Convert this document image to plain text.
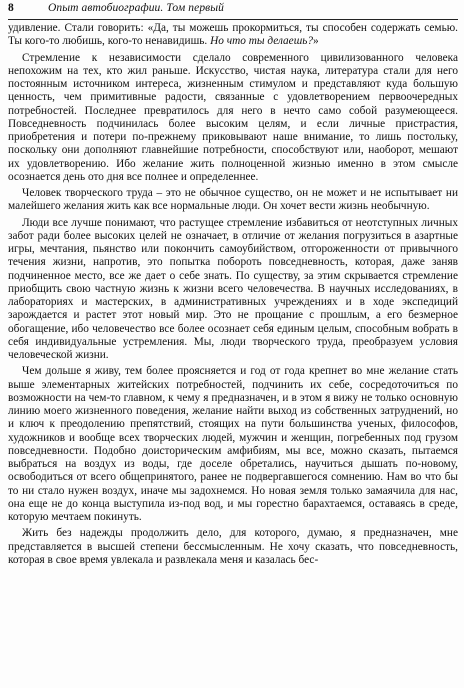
8	Опыт автобиографии. Том первый

удивление. Стали говорить: «Да, ты можешь прокормиться, ты способен содержать семью. Ты кого-то любишь, кого-то ненавидишь. Но что ты делаешь?»

Стремление к независимости сделало современного цивилизованного человека непохожим на тех, кто жил раньше. Искусство, чистая наука, литература стали для него постоянным источником интереса, жизненным стимулом и представляют куда большую ценность, чем примитивные радости, связанные с удовлетворением первоочередных потребностей. Последнее превратилось для него в нечто само собой разумеющееся. Повседневность подчинилась более высоким целям, и если личные пристрастия, приобретения и потери по-прежнему приковывают наше внимание, то лишь постольку, поскольку они дополняют главнейшие потребности, способствуют или, наоборот, мешают их удовлетворению. Ибо желание жить полноценной жизнью именно в этом смысле осознается день ото дня все полнее и определеннее.

Человек творческого труда – это не обычное существо, он не может и не испытывает ни малейшего желания жить как все нормальные люди. Он хочет вести жизнь необычную.

Люди все лучше понимают, что растущее стремление избавиться от неотступных личных забот ради более высоких целей не означает, в отличие от желания погрузиться в азартные игры, мечтания, пьянство или покончить самоубийством, отгороженности от привычного течения жизни, напротив, это попытка побороть повседневность, которая, даже заняв подчиненное место, все же дает о себе знать. По существу, за этим скрывается стремление приобщить свою частную жизнь к жизни всего человечества. В научных исследованиях, в лабораториях и мастерских, в административных учреждениях и в ходе экспедиций зарождается и растет этот новый мир. Это не прощание с прошлым, а его безмерное обогащение, ибо человечество все более осознает себя единым целым, способным вобрать в себя индивидуальные устремления. Мы, люди творческого труда, преобразуем условия человеческой жизни.

Чем дольше я живу, тем более проясняется и год от года крепнет во мне желание стать выше элементарных житейских потребностей, подчинить их себе, сосредоточиться по возможности на чем-то главном, к чему я предназначен, и в этом я вижу не только основную линию моего жизненного поведения, желание найти выход из собственных затруднений, но и ключ к преодолению препятствий, стоящих на пути большинства ученых, философов, художников и вообще всех творческих людей, мужчин и женщин, погребенных под грузом повседневности. Подобно доисторическим амфибиям, мы все, можно сказать, пытаемся выбраться на воздух из воды, где доселе обретались, научиться дышать по-новому, освободиться от всего общепринятого, ранее не подвергавшегося сомнению. Нам во что бы то ни стало нужен воздух, иначе мы задохнемся. Но новая земля только замаячила для нас, она еще не до конца выступила из-под вод, и мы горестно барахтаемся, оставаясь в среде, которую мечтаем покинуть.

Жить без надежды продолжить дело, для которого, думаю, я предназначен, мне представляется в высшей степени бессмысленным. Не хочу сказать, что повседневность, которая в свое время увлекала и развлекала меня и казалась бес-
